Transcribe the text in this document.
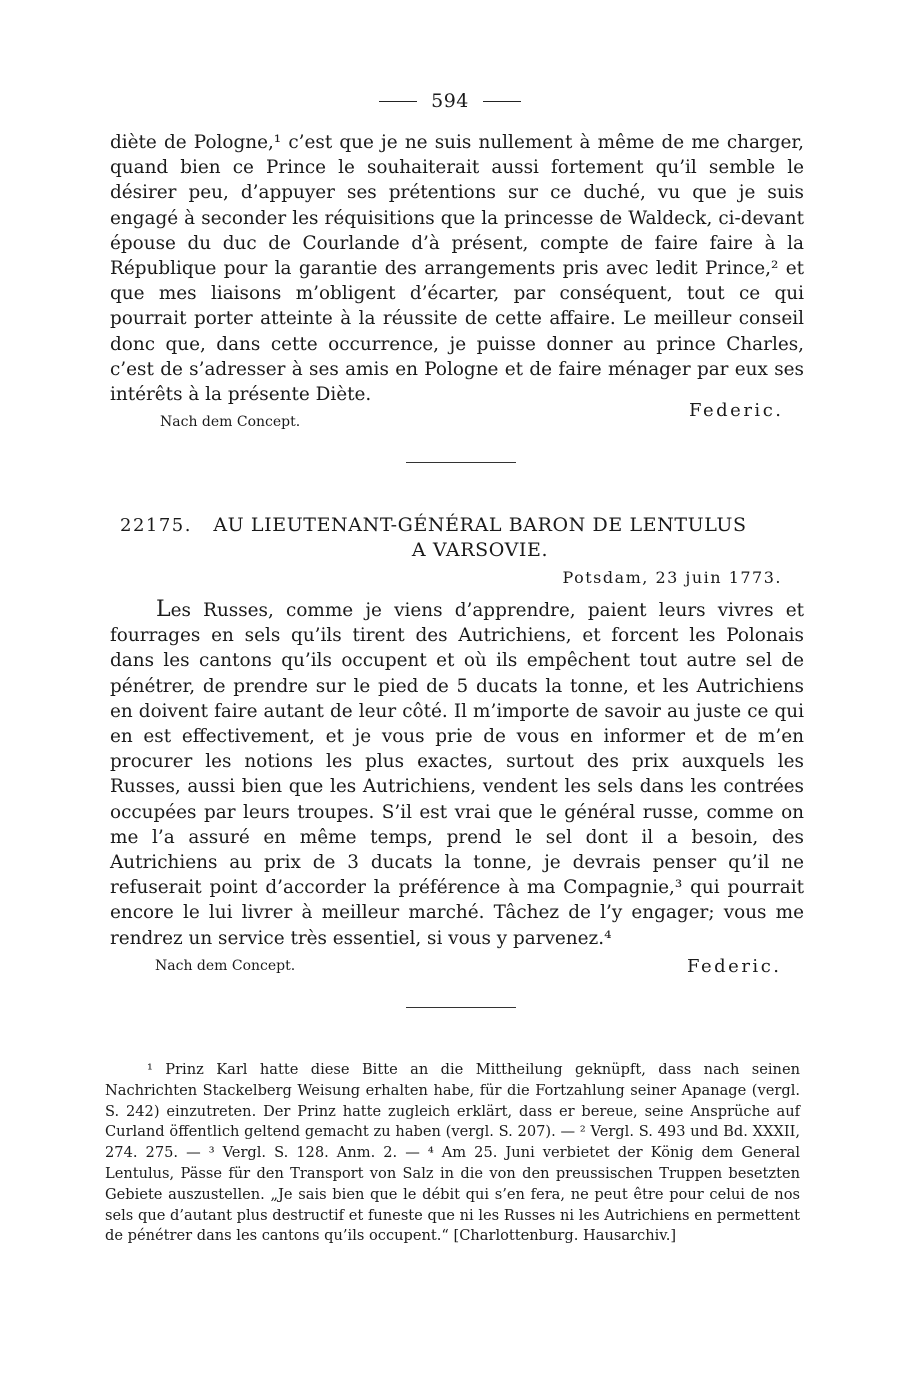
594

diète de Pologne,¹ c’est que je ne suis nullement à même de me charger, quand bien ce Prince le souhaiterait aussi fortement qu’il semble le désirer peu, d’appuyer ses prétentions sur ce duché, vu que je suis engagé à seconder les réquisitions que la princesse de Waldeck, ci-devant épouse du duc de Courlande d’à présent, compte de faire faire à la République pour la garantie des arrangements pris avec ledit Prince,² et que mes liaisons m’obligent d’écarter, par conséquent, tout ce qui pourrait porter atteinte à la réussite de cette affaire. Le meilleur conseil donc que, dans cette occurrence, je puisse donner au prince Charles, c’est de s’adresser à ses amis en Pologne et de faire ménager par eux ses intérêts à la présente Diète.

Nach dem Concept.
Federic.
22175.	AU LIEUTENANT-GÉNÉRAL BARON DE LENTULUS
A VARSOVIE.
Potsdam, 23 juin 1773.

Les Russes, comme je viens d’apprendre, paient leurs vivres et fourrages en sels qu’ils tirent des Autrichiens, et forcent les Polonais dans les cantons qu’ils occupent et où ils empêchent tout autre sel de pénétrer, de prendre sur le pied de 5 ducats la tonne, et les Autrichiens en doivent faire autant de leur côté. Il m’importe de savoir au juste ce qui en est effectivement, et je vous prie de vous en informer et de m’en procurer les notions les plus exactes, surtout des prix auxquels les Russes, aussi bien que les Autrichiens, vendent les sels dans les contrées occupées par leurs troupes. S’il est vrai que le général russe, comme on me l’a assuré en même temps, prend le sel dont il a besoin, des Autrichiens au prix de 3 ducats la tonne, je devrais penser qu’il ne refuserait point d’accorder la préférence à ma Compagnie,³ qui pourrait encore le lui livrer à meilleur marché. Tâchez de l’y engager; vous me rendrez un service très essentiel, si vous y parvenez.⁴

Nach dem Concept.	Federic.

¹ Prinz Karl hatte diese Bitte an die Mittheilung geknüpft, dass nach seinen Nachrichten Stackelberg Weisung erhalten habe, für die Fortzahlung seiner Apanage (vergl. S. 242) einzutreten. Der Prinz hatte zugleich erklärt, dass er bereue, seine Ansprüche auf Curland öffentlich geltend gemacht zu haben (vergl. S. 207). — ² Vergl. S. 493 und Bd. XXXII, 274. 275. — ³ Vergl. S. 128. Anm. 2. — ⁴ Am 25. Juni verbietet der König dem General Lentulus, Pässe für den Transport von Salz in die von den preussischen Truppen besetzten Gebiete auszustellen. „Je sais bien que le débit qui s’en fera, ne peut être pour celui de nos sels que d’autant plus destructif et funeste que ni les Russes ni les Autrichiens en permettent de pénétrer dans les cantons qu’ils occupent.“ [Charlottenburg. Hausarchiv.]
